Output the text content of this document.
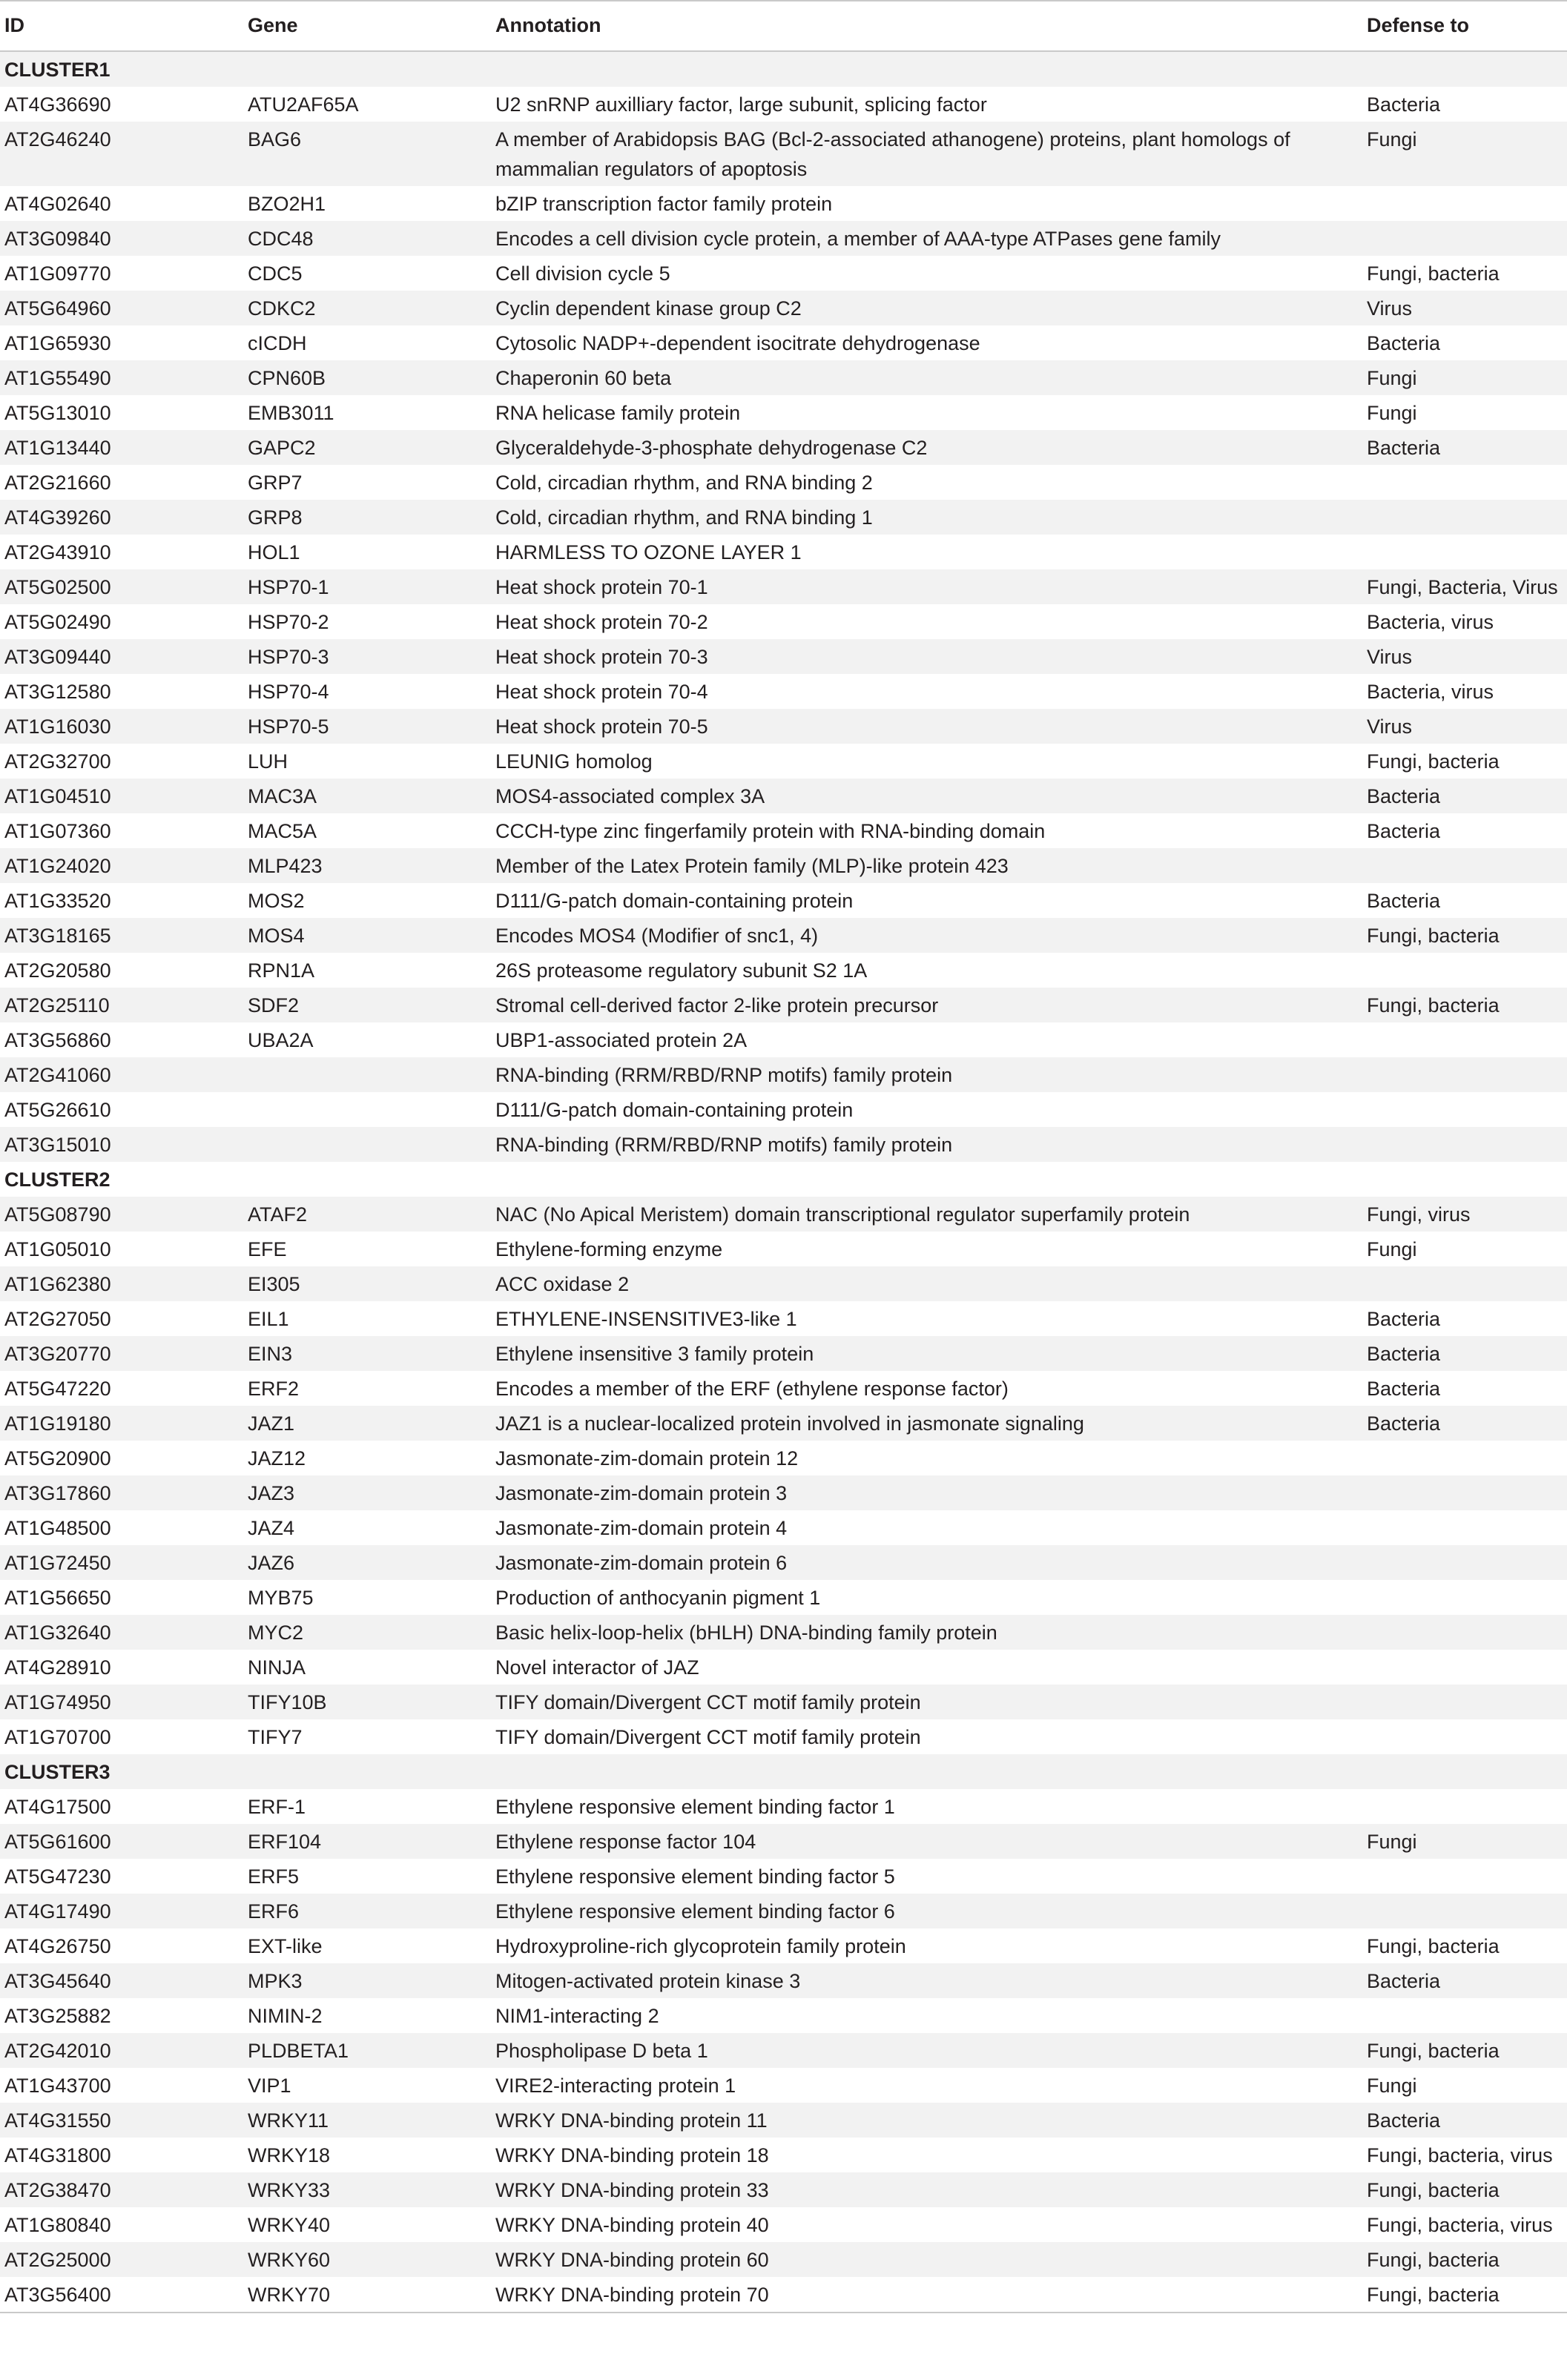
ID	Gene	Annotation	Defense to
CLUSTER1			
AT4G36690	ATU2AF65A	U2 snRNP auxilliary factor, large subunit, splicing factor	Bacteria
AT2G46240	BAG6	A member of Arabidopsis BAG (Bcl-2-associated athanogene) proteins, plant homologs of mammalian regulators of apoptosis	Fungi
AT4G02640	BZO2H1	bZIP transcription factor family protein	
AT3G09840	CDC48	Encodes a cell division cycle protein, a member of AAA-type ATPases gene family	
AT1G09770	CDC5	Cell division cycle 5	Fungi, bacteria
AT5G64960	CDKC2	Cyclin dependent kinase group C2	Virus
AT1G65930	cICDH	Cytosolic NADP+-dependent isocitrate dehydrogenase	Bacteria
AT1G55490	CPN60B	Chaperonin 60 beta	Fungi
AT5G13010	EMB3011	RNA helicase family protein	Fungi
AT1G13440	GAPC2	Glyceraldehyde-3-phosphate dehydrogenase C2	Bacteria
AT2G21660	GRP7	Cold, circadian rhythm, and RNA binding 2	
AT4G39260	GRP8	Cold, circadian rhythm, and RNA binding 1	
AT2G43910	HOL1	HARMLESS TO OZONE LAYER 1	
AT5G02500	HSP70-1	Heat shock protein 70-1	Fungi, Bacteria, Virus
AT5G02490	HSP70-2	Heat shock protein 70-2	Bacteria, virus
AT3G09440	HSP70-3	Heat shock protein 70-3	Virus
AT3G12580	HSP70-4	Heat shock protein 70-4	Bacteria, virus
AT1G16030	HSP70-5	Heat shock protein 70-5	Virus
AT2G32700	LUH	LEUNIG homolog	Fungi, bacteria
AT1G04510	MAC3A	MOS4-associated complex 3A	Bacteria
AT1G07360	MAC5A	CCCH-type zinc fingerfamily protein with RNA-binding domain	Bacteria
AT1G24020	MLP423	Member of the Latex Protein family (MLP)-like protein 423	
AT1G33520	MOS2	D111/G-patch domain-containing protein	Bacteria
AT3G18165	MOS4	Encodes MOS4 (Modifier of snc1, 4)	Fungi, bacteria
AT2G20580	RPN1A	26S proteasome regulatory subunit S2 1A	
AT2G25110	SDF2	Stromal cell-derived factor 2-like protein precursor	Fungi, bacteria
AT3G56860	UBA2A	UBP1-associated protein 2A	
AT2G41060		RNA-binding (RRM/RBD/RNP motifs) family protein	
AT5G26610		D111/G-patch domain-containing protein	
AT3G15010		RNA-binding (RRM/RBD/RNP motifs) family protein	
CLUSTER2			
AT5G08790	ATAF2	NAC (No Apical Meristem) domain transcriptional regulator superfamily protein	Fungi, virus
AT1G05010	EFE	Ethylene-forming enzyme	Fungi
AT1G62380	EI305	ACC oxidase 2	
AT2G27050	EIL1	ETHYLENE-INSENSITIVE3-like 1	Bacteria
AT3G20770	EIN3	Ethylene insensitive 3 family protein	Bacteria
AT5G47220	ERF2	Encodes a member of the ERF (ethylene response factor)	Bacteria
AT1G19180	JAZ1	JAZ1 is a nuclear-localized protein involved in jasmonate signaling	Bacteria
AT5G20900	JAZ12	Jasmonate-zim-domain protein 12	
AT3G17860	JAZ3	Jasmonate-zim-domain protein 3	
AT1G48500	JAZ4	Jasmonate-zim-domain protein 4	
AT1G72450	JAZ6	Jasmonate-zim-domain protein 6	
AT1G56650	MYB75	Production of anthocyanin pigment 1	
AT1G32640	MYC2	Basic helix-loop-helix (bHLH) DNA-binding family protein	
AT4G28910	NINJA	Novel interactor of JAZ	
AT1G74950	TIFY10B	TIFY domain/Divergent CCT motif family protein	
AT1G70700	TIFY7	TIFY domain/Divergent CCT motif family protein	
CLUSTER3			
AT4G17500	ERF-1	Ethylene responsive element binding factor 1	
AT5G61600	ERF104	Ethylene response factor 104	Fungi
AT5G47230	ERF5	Ethylene responsive element binding factor 5	
AT4G17490	ERF6	Ethylene responsive element binding factor 6	
AT4G26750	EXT-like	Hydroxyproline-rich glycoprotein family protein	Fungi, bacteria
AT3G45640	MPK3	Mitogen-activated protein kinase 3	Bacteria
AT3G25882	NIMIN-2	NIM1-interacting 2	
AT2G42010	PLDBETA1	Phospholipase D beta 1	Fungi, bacteria
AT1G43700	VIP1	VIRE2-interacting protein 1	Fungi
AT4G31550	WRKY11	WRKY DNA-binding protein 11	Bacteria
AT4G31800	WRKY18	WRKY DNA-binding protein 18	Fungi, bacteria, virus
AT2G38470	WRKY33	WRKY DNA-binding protein 33	Fungi, bacteria
AT1G80840	WRKY40	WRKY DNA-binding protein 40	Fungi, bacteria, virus
AT2G25000	WRKY60	WRKY DNA-binding protein 60	Fungi, bacteria
AT3G56400	WRKY70	WRKY DNA-binding protein 70	Fungi, bacteria
